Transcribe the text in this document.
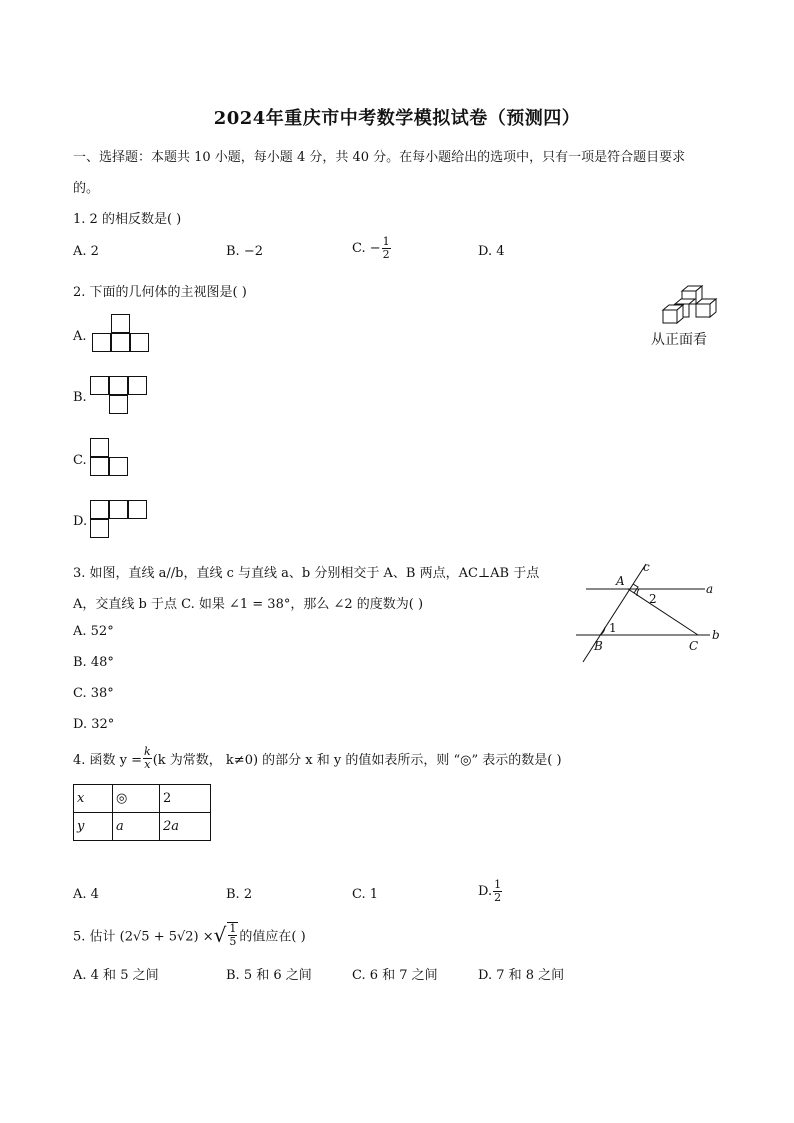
2024年重庆市中考数学模拟试卷（预测四）
一、选择题：本题共 10 小题，每小题 4 分，共 40 分。在每小题给出的选项中，只有一项是符合题目要求
的。
1. 2 的相反数是( )
A. 2	B. −2	C. − $\frac{1}{2}$	D. 4
2. 下面的几何体的主视图是( )
从正面看
A.
B.
C.
D.
3. 如图，直线 a//b，直线 c 与直线 a、b 分别相交于 A、B 两点，AC⊥AB 于点
A，交直线 b 于点 C. 如果 ∠1 = 38°，那么 ∠2 的度数为( )
c
a
b
A
B	C
1
2
A. 52°
B. 48°
C. 38°
D. 32°
4. 函数 $y = \frac{k}{x} (k$ 为常数， k≠0) 的部分 x 和 y 的值如表所示，则 “◎” 表示的数是( )
x	◎	2
y	a	2a
A. 4	B. 2	C. 1	D. $\frac{1}{2}$
5. 估计 (2√5 + 5√2) ×√ $\frac{1}{5}$ 的值应在( )
A. 4 和 5 之间	B. 5 和 6 之间	C. 6 和 7 之间	D. 7 和 8 之间
